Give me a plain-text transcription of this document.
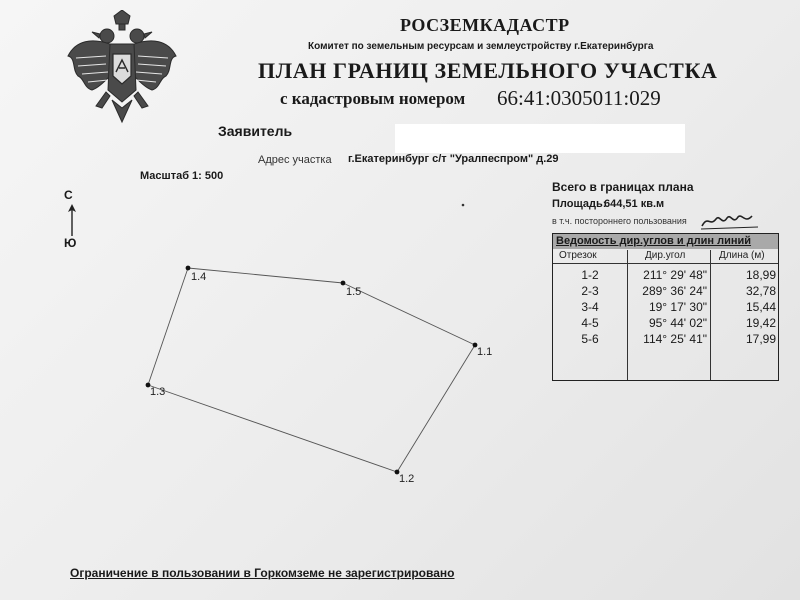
РОСЗЕМКАДАСТР
Комитет по земельным ресурсам и землеустройству г.Екатеринбурга
ПЛАН ГРАНИЦ ЗЕМЕЛЬНОГО УЧАСТКА
с кадастровым номером 66:41:0305011:029
Заявитель
Адрес участка г.Екатеринбург с/т "Уралпеспром" д.29
Масштаб 1: 500
С
Ю
Всего в границах плана
Площадь:
644,51 кв.м
в т.ч. постороннего пользования
Ведомость дир.углов и длин линий
Отрезок	Дир.угол	Длина (м)
1-2	211° 29' 48"	18,99
2-3	289° 36' 24"	32,78
3-4	19° 17' 30"	15,44
4-5	95° 44' 02"	19,42
5-6	114° 25' 41"	17,99
1.4
1.5
1.1
1.2
1.3
Ограничение в пользовании в Горкомземе не зарегистрировано
